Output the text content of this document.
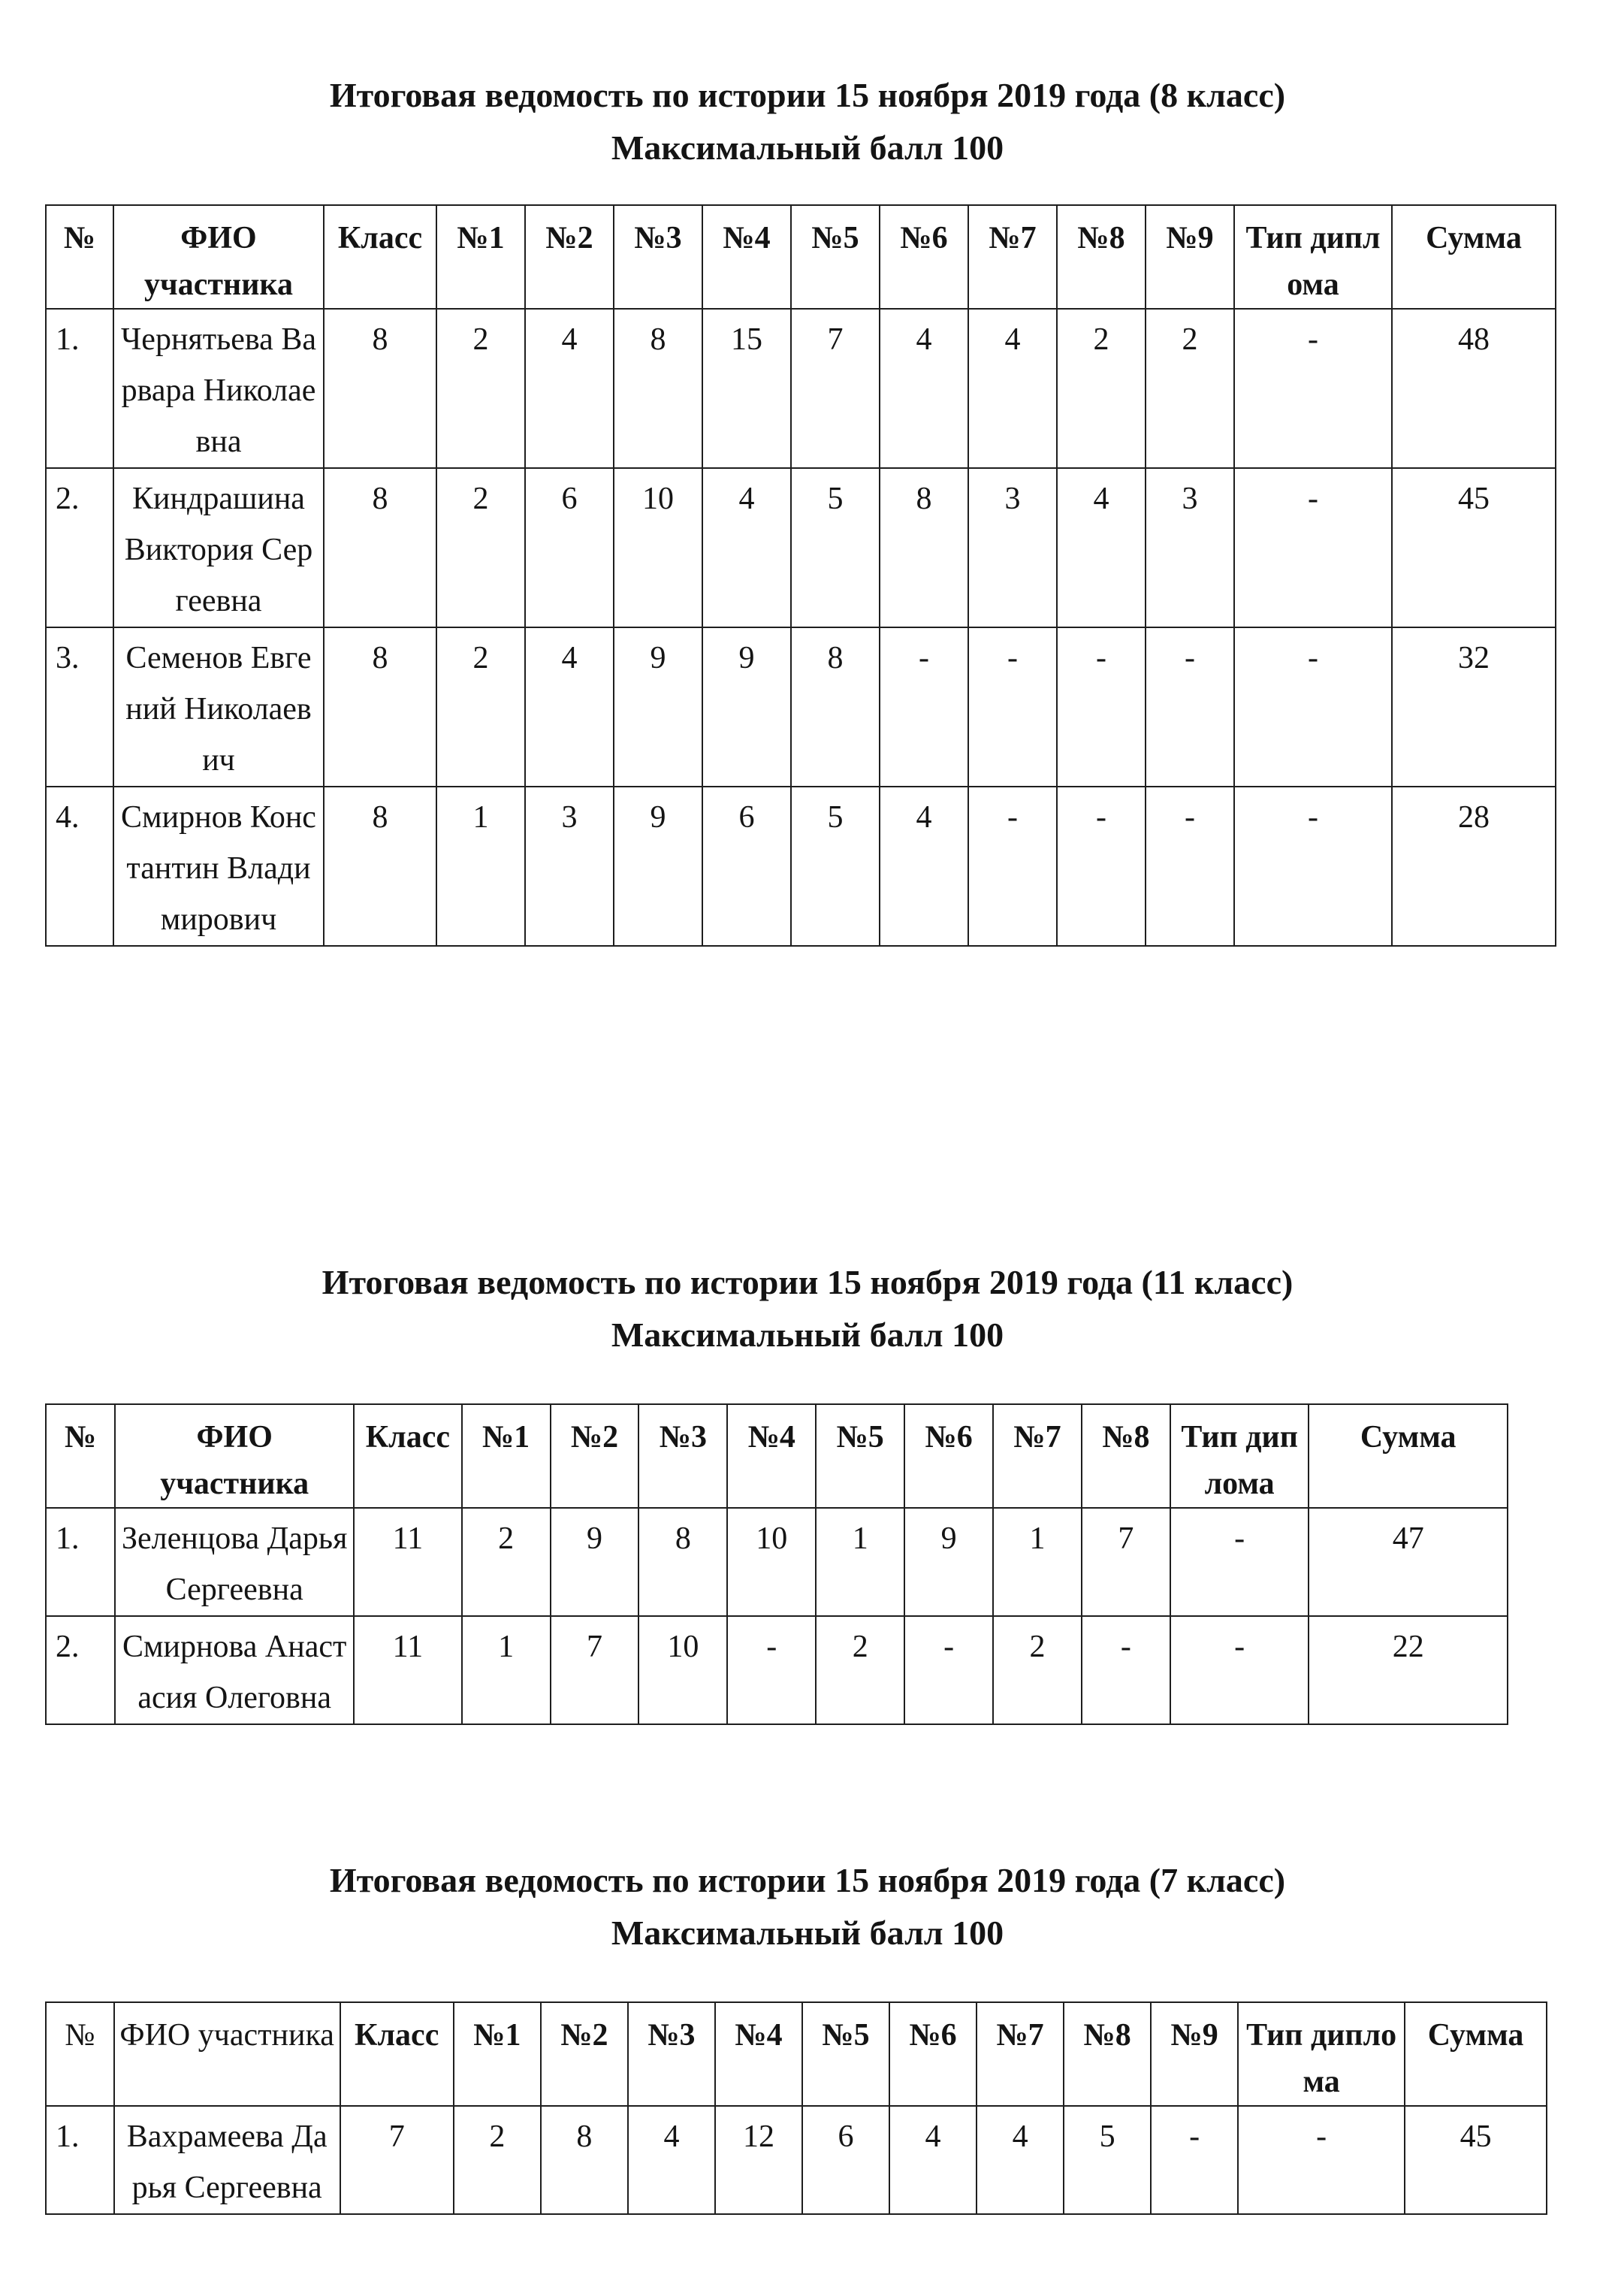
Итоговая ведомость по истории 15 ноября 2019 года (8 класс)
Максимальный балл 100
№	ФИО участника	Класс	№1	№2	№3	№4	№5	№6	№7	№8	№9	Тип диплома	Сумма
1.	Чернятьева Варвара Николаевна	8	2	4	8	15	7	4	4	2	2	-	48
2.	Киндрашина Виктория Сергеевна	8	2	6	10	4	5	8	3	4	3	-	45
3.	Семенов Евгений Николаевич	8	2	4	9	9	8	-	-	-	-	-	32
4.	Смирнов Константин Владимирович	8	1	3	9	6	5	4	-	-	-	-	28
Итоговая ведомость по истории 15 ноября 2019 года (11 класс)
Максимальный балл 100
№	ФИО участника	Класс	№1	№2	№3	№4	№5	№6	№7	№8	Тип диплома	Сумма
1.	Зеленцова Дарья Сергеевна	11	2	9	8	10	1	9	1	7	-	47
2.	Смирнова Анастасия Олеговна	11	1	7	10	-	2	-	2	-	-	22
Итоговая ведомость по истории 15 ноября 2019 года (7 класс)
Максимальный балл 100
№	ФИО участника	Класс	№1	№2	№3	№4	№5	№6	№7	№8	№9	Тип диплома	Сумма
1.	Вахрамеева Дарья Сергеевна	7	2	8	4	12	6	4	4	5	-	-	45
